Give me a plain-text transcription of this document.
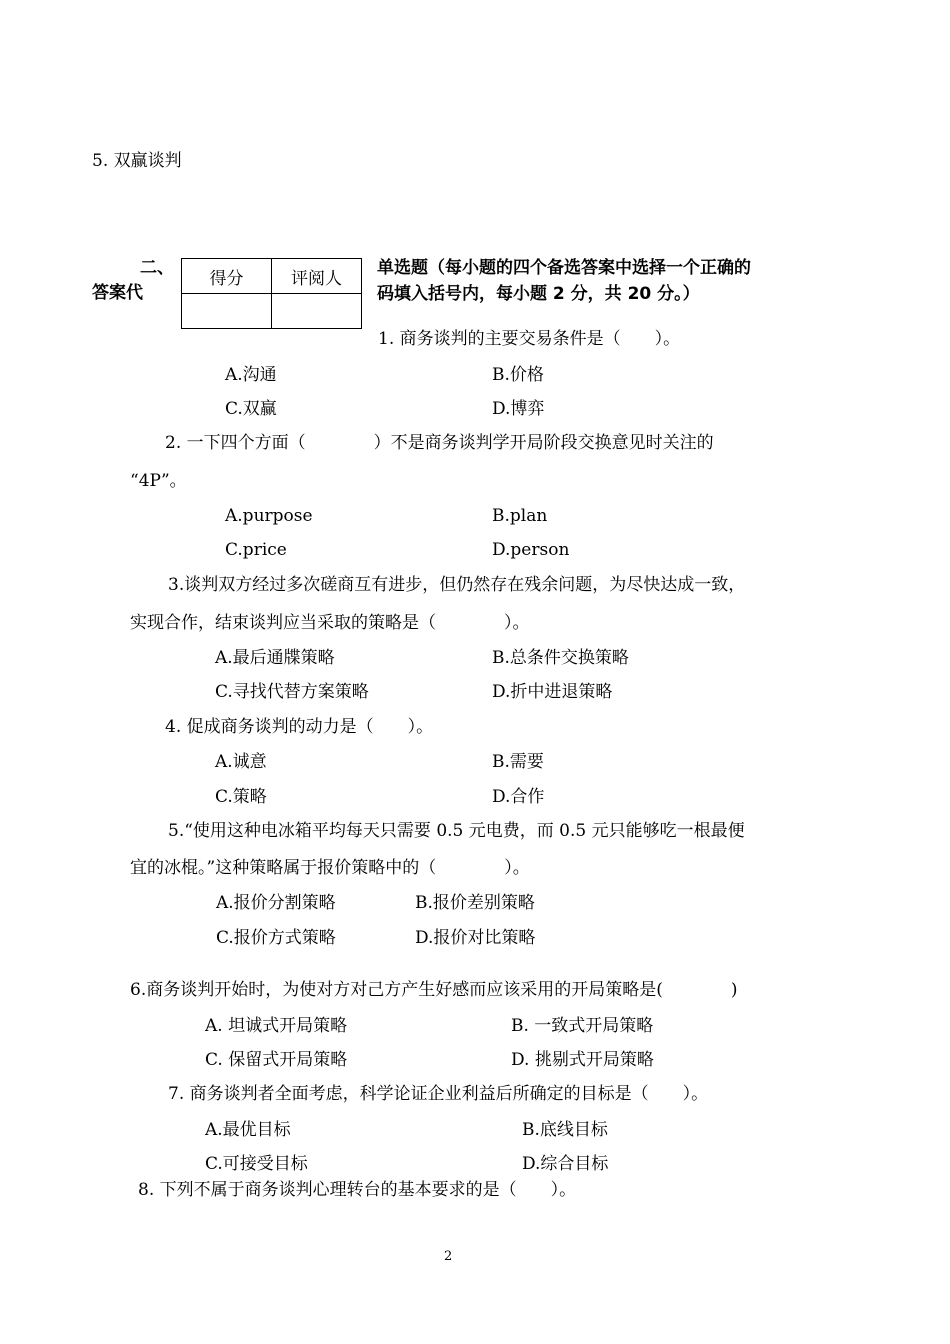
5. 双赢谈判
二、
答案代
得分	评阅人

单选题（每小题的四个备选答案中选择一个正确的
码填入括号内，每小题 2 分，共 20 分。）
1. 商务谈判的主要交易条件是（　　）。
A.沟通	B.价格
C.双赢	D.博弈
2. 一下四个方面（　　　　）不是商务谈判学开局阶段交换意见时关注的
“4P”。
A.purpose	B.plan
C.price	D.person
3.谈判双方经过多次磋商互有进步，但仍然存在残余问题，为尽快达成一致，
实现合作，结束谈判应当采取的策略是（　　　　）。
A.最后通牒策略	B.总条件交换策略
C.寻找代替方案策略	D.折中进退策略
4. 促成商务谈判的动力是（　　）。
A.诚意	B.需要
C.策略	D.合作
5.“使用这种电冰箱平均每天只需要 0.5 元电费，而 0.5 元只能够吃一根最便
宜的冰棍。”这种策略属于报价策略中的（　　　　）。
A.报价分割策略	B.报价差别策略
C.报价方式策略	D.报价对比策略
6.商务谈判开始时，为使对方对己方产生好感而应该采用的开局策略是(　　　　)
A. 坦诚式开局策略	B. 一致式开局策略
C. 保留式开局策略	D. 挑剔式开局策略
7. 商务谈判者全面考虑，科学论证企业利益后所确定的目标是（　　）。
A.最优目标	B.底线目标
C.可接受目标	D.综合目标
8. 下列不属于商务谈判心理转台的基本要求的是（　　）。
2
